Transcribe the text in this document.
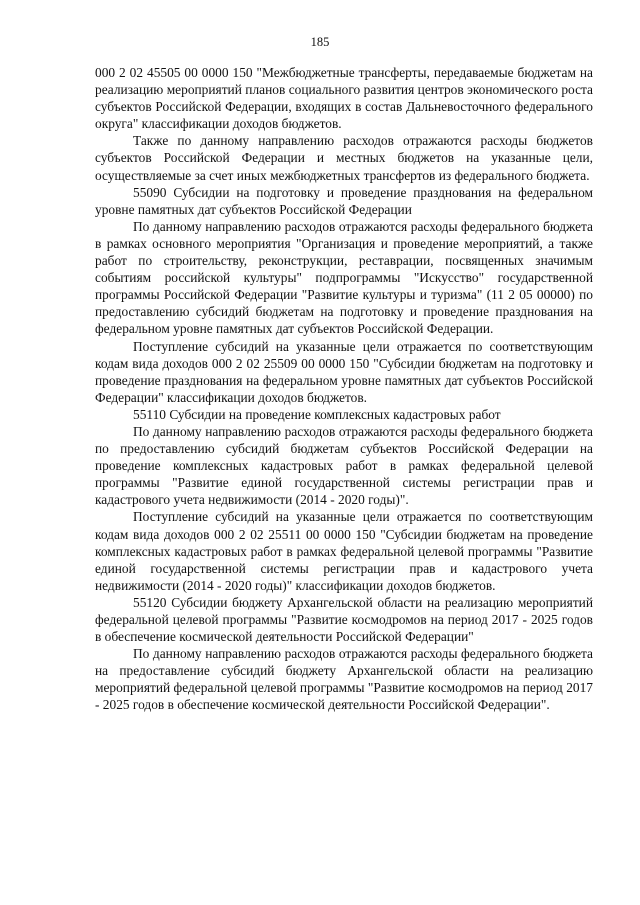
185

000 2 02 45505 00 0000 150 "Межбюджетные трансферты, передаваемые бюджетам на реализацию мероприятий планов социального развития центров экономического роста субъектов Российской Федерации, входящих в состав Дальневосточного федерального округа" классификации доходов бюджетов.

Также по данному направлению расходов отражаются расходы бюджетов субъектов Российской Федерации и местных бюджетов на указанные цели, осуществляемые за счет иных межбюджетных трансфертов из федерального бюджета.

55090 Субсидии на подготовку и проведение празднования на федеральном уровне памятных дат субъектов Российской Федерации

По данному направлению расходов отражаются расходы федерального бюджета в рамках основного мероприятия "Организация и проведение мероприятий, а также работ по строительству, реконструкции, реставрации, посвященных значимым событиям российской культуры" подпрограммы "Искусство" государственной программы Российской Федерации "Развитие культуры и туризма" (11 2 05 00000) по предоставлению субсидий бюджетам на подготовку и проведение празднования на федеральном уровне памятных дат субъектов Российской Федерации.

Поступление субсидий на указанные цели отражается по соответствующим кодам вида доходов 000 2 02 25509 00 0000 150 "Субсидии бюджетам на подготовку и проведение празднования на федеральном уровне памятных дат субъектов Российской Федерации" классификации доходов бюджетов.

55110 Субсидии на проведение комплексных кадастровых работ

По данному направлению расходов отражаются расходы федерального бюджета по предоставлению субсидий бюджетам субъектов Российской Федерации на проведение комплексных кадастровых работ в рамках федеральной целевой программы "Развитие единой государственной системы регистрации прав и кадастрового учета недвижимости (2014 - 2020 годы)".

Поступление субсидий на указанные цели отражается по соответствующим кодам вида доходов 000 2 02 25511 00 0000 150 "Субсидии бюджетам на проведение комплексных кадастровых работ в рамках федеральной целевой программы "Развитие единой государственной системы регистрации прав и кадастрового учета недвижимости (2014 - 2020 годы)" классификации доходов бюджетов.

55120 Субсидии бюджету Архангельской области на реализацию мероприятий федеральной целевой программы "Развитие космодромов на период 2017 - 2025 годов в обеспечение космической деятельности Российской Федерации"

По данному направлению расходов отражаются расходы федерального бюджета на предоставление субсидий бюджету Архангельской области на реализацию мероприятий федеральной целевой программы "Развитие космодромов на период 2017 - 2025 годов в обеспечение космической деятельности Российской Федерации".
